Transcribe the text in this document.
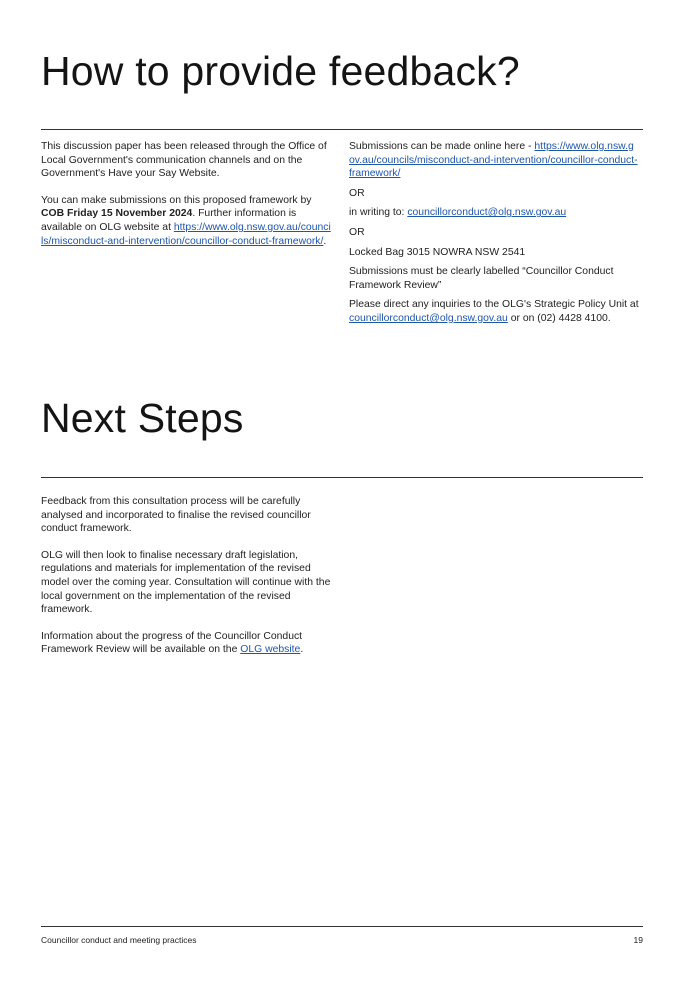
How to provide feedback?

This discussion paper has been released through the Office of Local Government's communication channels and on the Government's Have your Say Website.

You can make submissions on this proposed framework by COB Friday 15 November 2024. Further information is available on OLG website at https://www.olg.nsw.gov.au/councils/misconduct-and-intervention/councillor-conduct-framework/.

Submissions can be made online here - https://www.olg.nsw.gov.au/councils/misconduct-and-intervention/councillor-conduct-framework/

OR

in writing to: councillorconduct@olg.nsw.gov.au

OR

Locked Bag 3015 NOWRA NSW 2541

Submissions must be clearly labelled “Councillor Conduct Framework Review”

Please direct any inquiries to the OLG's Strategic Policy Unit at councillorconduct@olg.nsw.gov.au or on (02) 4428 4100.

Next Steps

Feedback from this consultation process will be carefully analysed and incorporated to finalise the revised councillor conduct framework.

OLG will then look to finalise necessary draft legislation, regulations and materials for implementation of the revised model over the coming year. Consultation will continue with the local government on the implementation of the revised framework.

Information about the progress of the Councillor Conduct Framework Review will be available on the OLG website.

Councillor conduct and meeting practices	19
